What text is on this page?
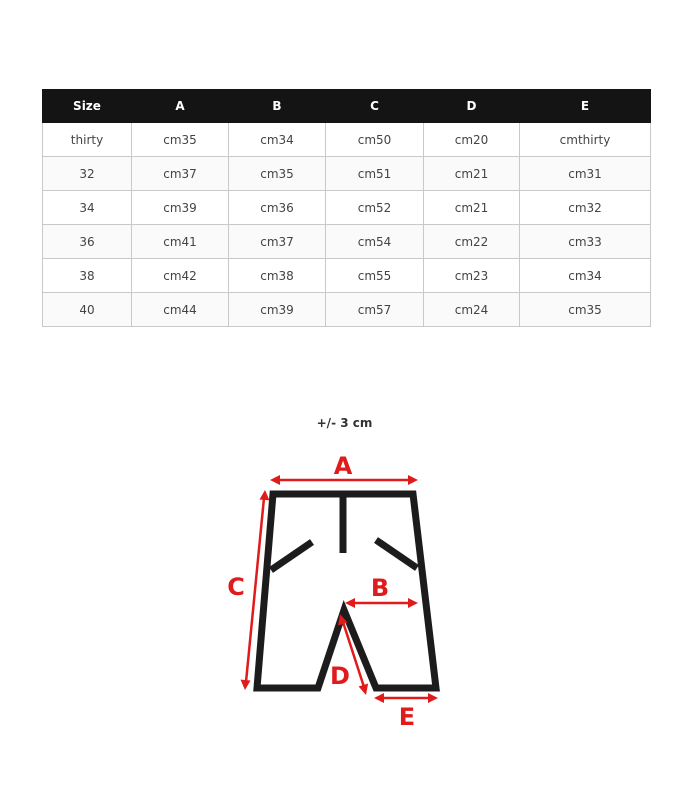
Size	A	B	C	D	E
thirty	cm35	cm34	cm50	cm20	cmthirty
32	cm37	cm35	cm51	cm21	cm31
34	cm39	cm36	cm52	cm21	cm32
36	cm41	cm37	cm54	cm22	cm33
38	cm42	cm38	cm55	cm23	cm34
40	cm44	cm39	cm57	cm24	cm35
+/- 3 cm
A
B
C
D
E
